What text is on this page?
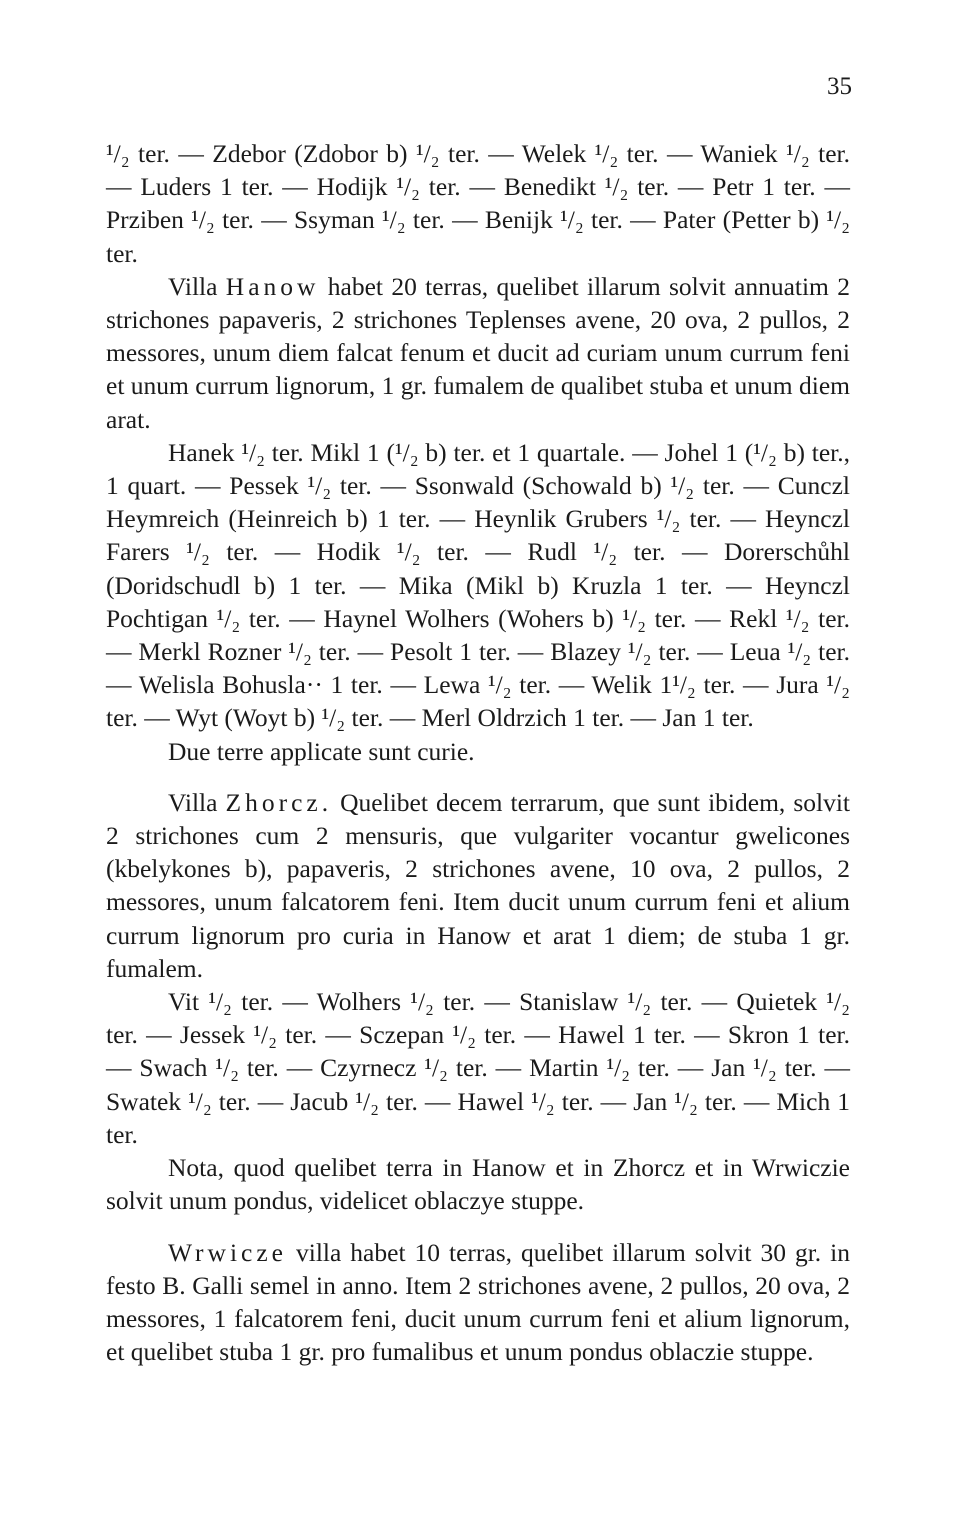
35

¹/₂ ter. — Zdebor (Zdobor b) ¹/₂ ter. — Welek ¹/₂ ter. — Waniek ¹/₂ ter. — Luders 1 ter. — Hodijk ¹/₂ ter. — Benedikt ¹/₂ ter. — Petr 1 ter. — Prziben ¹/₂ ter. — Ssyman ¹/₂ ter. — Benijk ¹/₂ ter. — Pater (Petter b) ¹/₂ ter.

Villa Hanow habet 20 terras, quelibet illarum solvit annuatim 2 strichones papaveris, 2 strichones Teplenses avene, 20 ova, 2 pullos, 2 messores, unum diem falcat fenum et ducit ad curiam unum currum feni et unum currum lignorum, 1 gr. fumalem de qualibet stuba et unum diem arat.

Hanek ¹/₂ ter. Mikl 1 (¹/₂ b) ter. et 1 quartale. — Johel 1 (¹/₂ b) ter., 1 quart. — Pessek ¹/₂ ter. — Ssonwald (Schowald b) ¹/₂ ter. — Cunczl Heymreich (Heinreich b) 1 ter. — Heynlik Grubers ¹/₂ ter. — Heynczl Farers ¹/₂ ter. — Hodik ¹/₂ ter. — Rudl ¹/₂ ter. — Dorerschůhl (Doridschudl b) 1 ter. — Mika (Mikl b) Kruzla 1 ter. — Heynczl Pochtigan ¹/₂ ter. — Haynel Wolhers (Wohers b) ¹/₂ ter. — Rekl ¹/₂ ter. — Merkl Rozner ¹/₂ ter. — Pesolt 1 ter. — Blazey ¹/₂ ter. — Leua ¹/₂ ter. — Welisla Bohusla·· 1 ter. — Lewa ¹/₂ ter. — Welik 1¹/₂ ter. — Jura ¹/₂ ter. — Wyt (Woyt b) ¹/₂ ter. — Merl Oldrzich 1 ter. — Jan 1 ter.

Due terre applicate sunt curie.

Villa Zhorcz. Quelibet decem terrarum, que sunt ibidem, solvit 2 strichones cum 2 mensuris, que vulgariter vocantur gwelicones (kbelykones b), papaveris, 2 strichones avene, 10 ova, 2 pullos, 2 messores, unum falcatorem feni. Item ducit unum currum feni et alium currum lignorum pro curia in Hanow et arat 1 diem; de stuba 1 gr. fumalem.

Vit ¹/₂ ter. — Wolhers ¹/₂ ter. — Stanislaw ¹/₂ ter. — Quietek ¹/₂ ter. — Jessek ¹/₂ ter. — Sczepan ¹/₂ ter. — Hawel 1 ter. — Skron 1 ter. — Swach ¹/₂ ter. — Czyrnecz ¹/₂ ter. — Martin ¹/₂ ter. — Jan ¹/₂ ter. — Swatek ¹/₂ ter. — Jacub ¹/₂ ter. — Hawel ¹/₂ ter. — Jan ¹/₂ ter. — Mich 1 ter.

Nota, quod quelibet terra in Hanow et in Zhorcz et in Wrwiczie solvit unum pondus, videlicet oblaczye stuppe.

Wrwicze villa habet 10 terras, quelibet illarum solvit 30 gr. in festo B. Galli semel in anno. Item 2 strichones avene, 2 pullos, 20 ova, 2 messores, 1 falcatorem feni, ducit unum currum feni et alium lignorum, et quelibet stuba 1 gr. pro fumalibus et unum pondus oblaczie stuppe.
